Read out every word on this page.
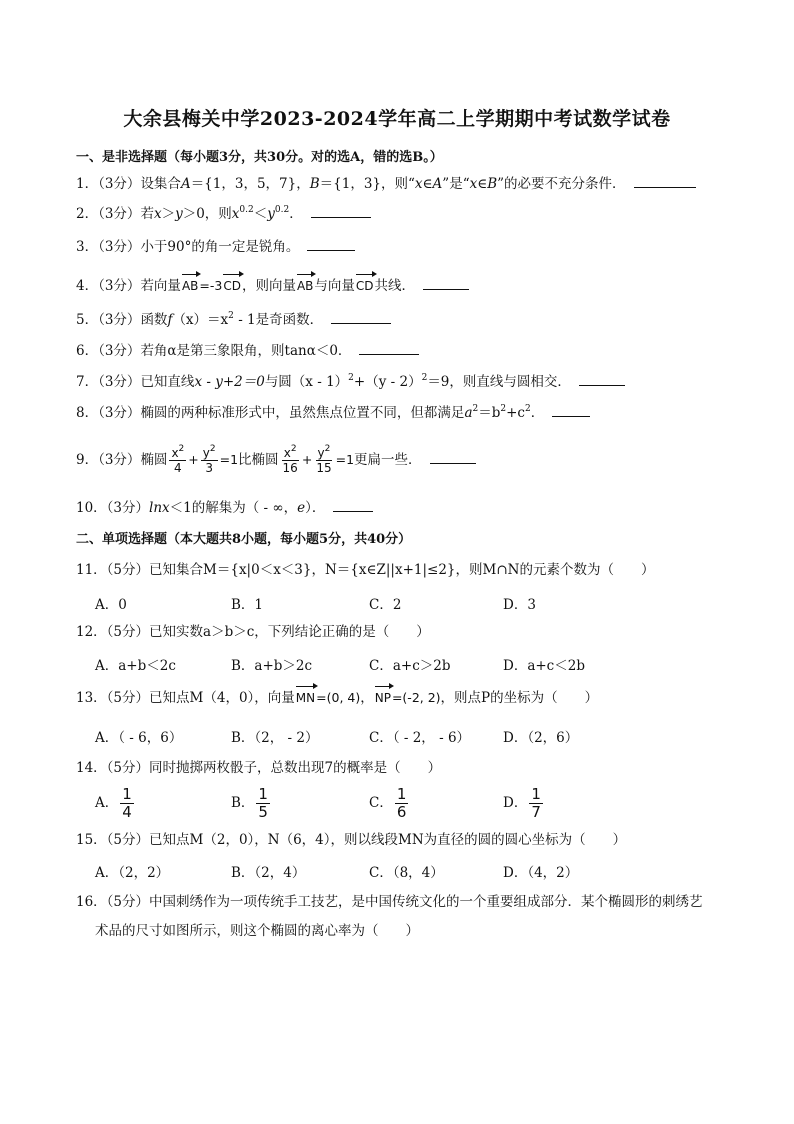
大余县梅关中学2023-2024学年高二上学期期中考试数学试卷
一、是非选择题（每小题3分，共30分。对的选A，错的选B。）
1．（3分）设集合A＝{1，3，5，7}，B＝{1，3}，则“x∈A”是“x∈B”的必要不充分条件．
2．（3分）若x＞y＞0，则$x^{0.2}<y^{0.2}$．
3．（3分）小于90°的角一定是锐角。
4．（3分）若向量AB=-3CD，则向量AB与向量CD共线．
5．（3分）函数$f(x)=x^2 - 1$是奇函数．
6．（3分）若角α是第三象限角，则tanα＜0．
7．（3分）已知直线x - y+2＝0与圆（x - 1）$^2$+（y - 2）$^2$＝9，则直线与圆相交．
8．（3分）椭圆的两种标准形式中，虽然焦点位置不同，但都满足$a^2=b^2+c^2$．
9．（3分）椭圆 $\frac{x^2}{4} + \frac{y^2}{3} =1$比椭圆 $\frac{x^2}{16} + \frac{y^2}{15} =1$更扁一些．
10．（3分）lnx＜1的解集为（ - ∞，e）．
二、单项选择题（本大题共8小题，每小题5分，共40分）
11．（5分）已知集合M＝{x|0＜x＜3}，N＝{x∈Z||x+1|≤2}，则M∩N的元素个数为（　　）
A．0	B．1	C．2	D．3
12．（5分）已知实数a＞b＞c，下列结论正确的是（　　）
A．a+b＜2c	B．a+b＞2c	C．a+c＞2b	D．a+c＜2b
13．（5分）已知点M（4，0），向量MN=(0, 4)，NP=(-2, 2)，则点P的坐标为（　　）
A．（ - 6，6）	B．（2， - 2）	C．（ - 2， - 6） D．（2，6）
14．（5分）同时抛掷两枚骰子，总数出现7的概率是（　　）
A． $\frac{1}{4}$	B． $\frac{1}{5}$	C． $\frac{1}{6}$	D． $\frac{1}{7}$
15．（5分）已知点M（2，0），N（6，4），则以线段MN为直径的圆的圆心坐标为（　　）
A．（2，2）	B．（2，4）	C．（8，4）	D．（4，2）
16．（5分）中国刺绣作为一项传统手工技艺，是中国传统文化的一个重要组成部分．某个椭圆形的刺绣艺
术品的尺寸如图所示，则这个椭圆的离心率为（　　）
